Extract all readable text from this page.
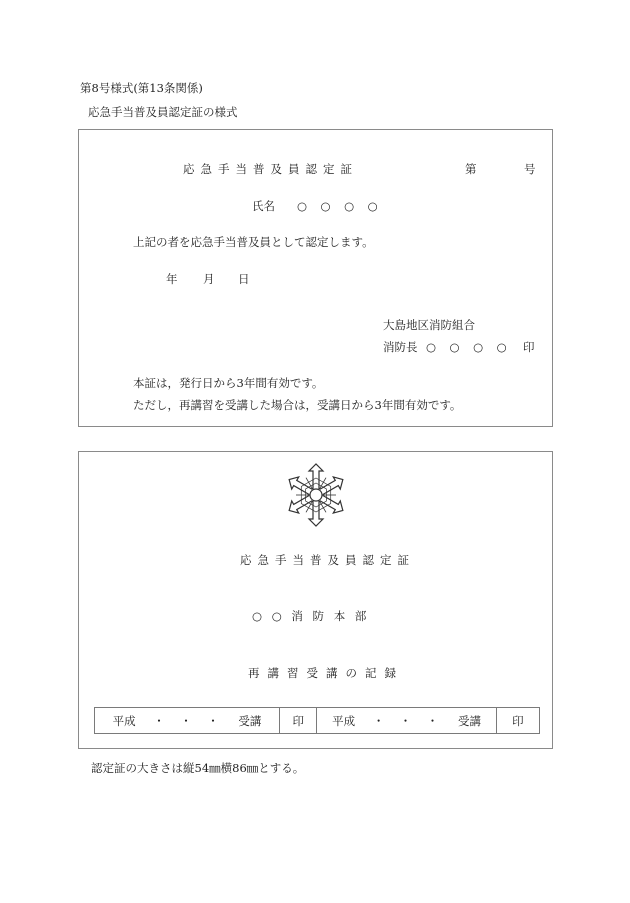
第8号様式(第13条関係)
応急手当普及員認定証の様式
応急手当普及員認定証	第	号
氏名 ○　○　○　○
上記の者を応急手当普及員として認定します。
年 月 日
大島地区消防組合
消防長 ○　○　○　○ 印
本証は，発行日から3年間有効です。
ただし，再講習を受講した場合は，受講日から3年間有効です。
応急手当普及員認定証
○ ○ 消 防 本 部
再講習受講の記録
平成 ・　・　・ 受講	印	平成 ・　・　・ 受講	印
認定証の大きさは縦54㎜横86㎜とする。
